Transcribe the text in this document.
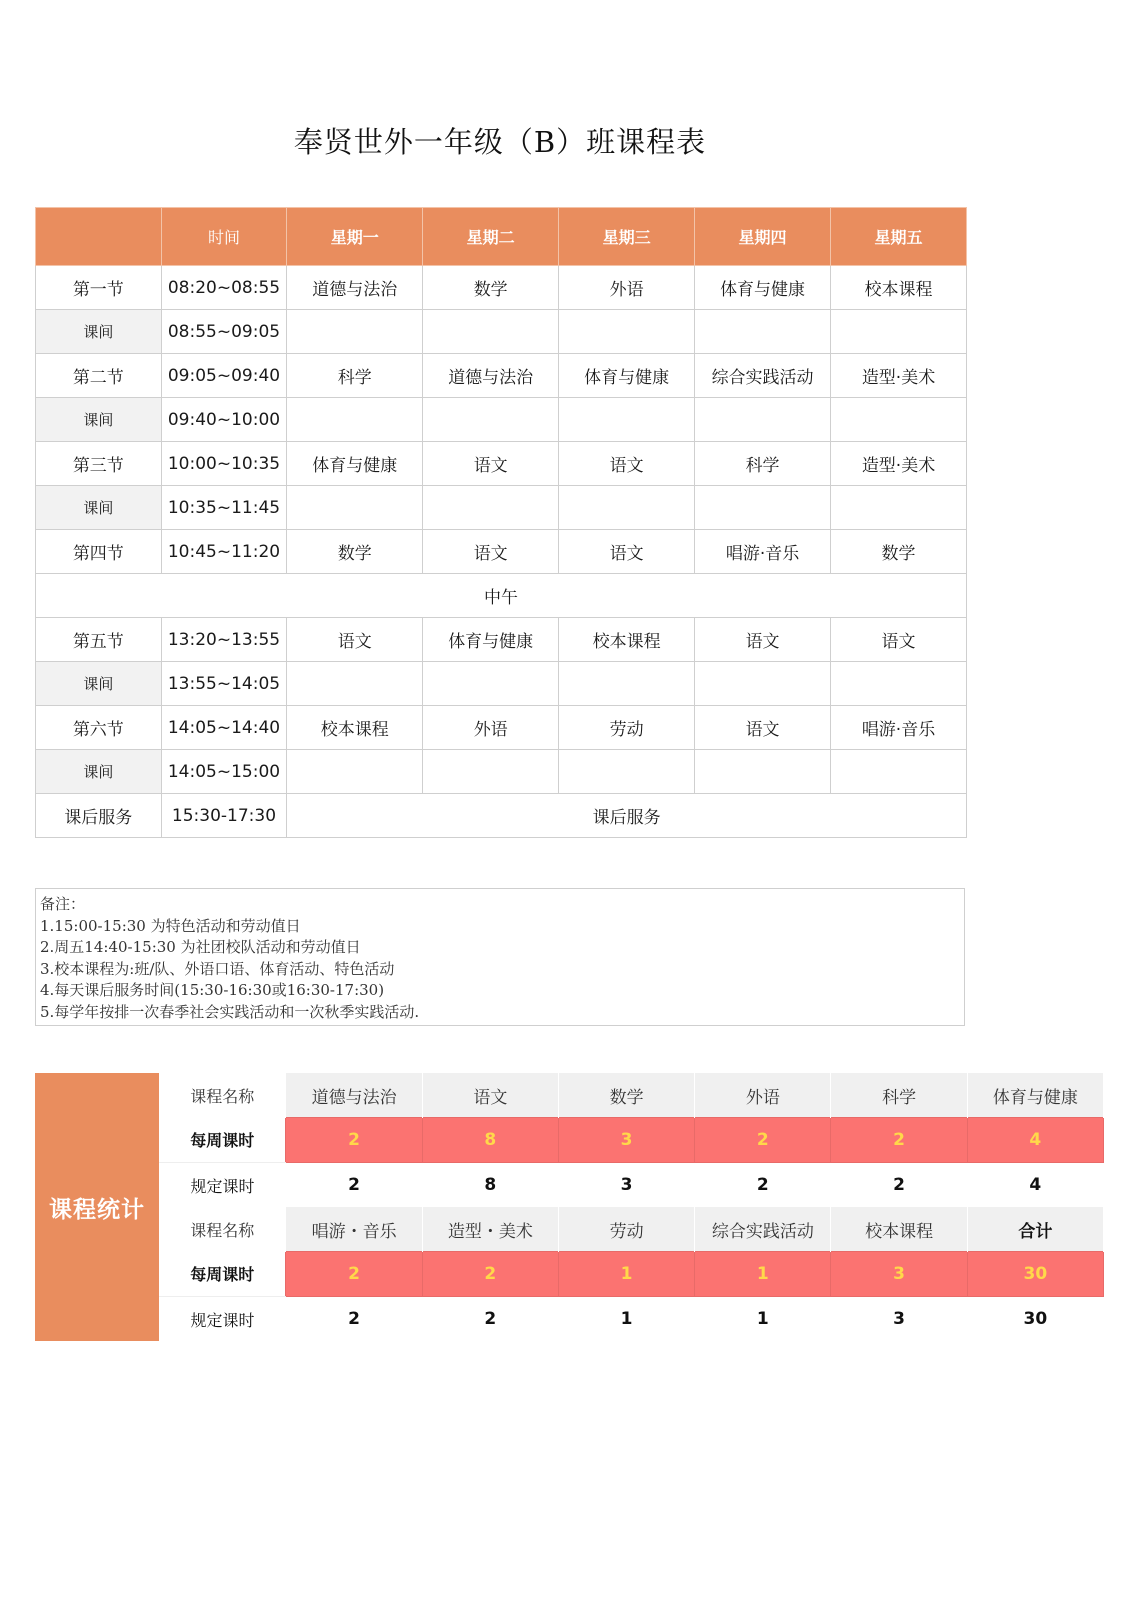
奉贤世外一年级（B）班课程表
	时间	星期一	星期二	星期三	星期四	星期五
第一节	08:20~08:55	道德与法治	数学	外语	体育与健康	校本课程
课间	08:55~09:05					
第二节	09:05~09:40	科学	道德与法治	体育与健康	综合实践活动	造型·美术
课间	09:40~10:00					
第三节	10:00~10:35	体育与健康	语文	语文	科学	造型·美术
课间	10:35~11:45					
第四节	10:45~11:20	数学	语文	语文	唱游·音乐	数学
中午						
第五节	13:20~13:55	语文	体育与健康	校本课程	语文	语文
课间	13:55~14:05					
第六节	14:05~14:40	校本课程	外语	劳动	语文	唱游·音乐
课间	14:05~15:00					
课后服务	15:30-17:30	课后服务				
备注：
1.15:00-15:30 为特色活动和劳动值日
2.周五14:40-15:30 为社团校队活动和劳动值日
3.校本课程为:班/队、外语口语、体育活动、特色活动
4.每天课后服务时间(15:30-16:30或16:30-17:30)
5.每学年按排一次春季社会实践活动和一次秋季实践活动.
课程统计
课程名称	道德与法治	语文	数学	外语	科学	体育与健康
每周课时	2	8	3	2	2	4
规定课时	2	8	3	2	2	4
课程名称	唱游・音乐	造型・美术	劳动	综合实践活动	校本课程	合计
每周课时	2	2	1	1	3	30
规定课时	2	2	1	1	3	30
